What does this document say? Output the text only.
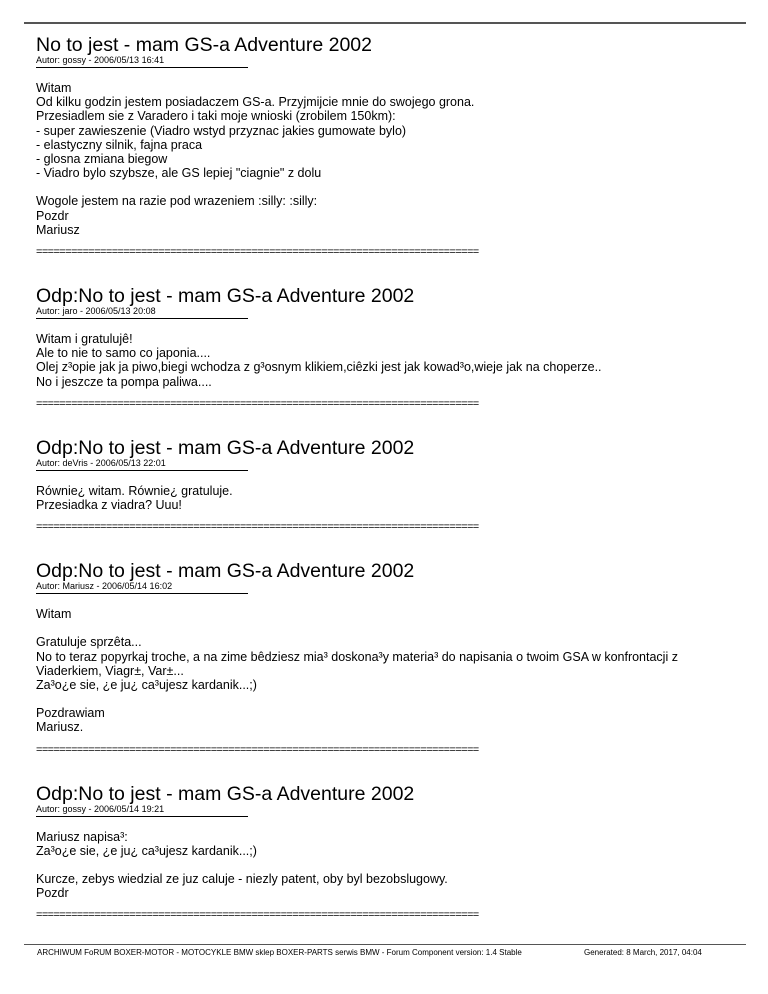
No to jest - mam GS-a Adventure 2002
Autor: gossy - 2006/05/13 16:41

Witam
Od kilku godzin jestem posiadaczem GS-a. Przyjmijcie mnie do swojego grona.
Przesiadlem sie z Varadero i taki moje wnioski (zrobilem 150km):
- super zawieszenie (Viadro wstyd przyznac jakies gumowate bylo)
- elastyczny silnik, fajna praca
- glosna zmiana biegow
- Viadro bylo szybsze, ale GS lepiej "ciagnie" z dolu

Wogole jestem na razie pod wrazeniem :silly: :silly:
Pozdr
Mariusz

============================================================================
Odp:No to jest - mam GS-a Adventure 2002
Autor: jaro - 2006/05/13 20:08

Witam i gratulujê!
Ale to nie to samo co japonia....
Olej z³opie jak ja piwo,biegi wchodza z g³osnym klikiem,ciêzki jest jak kowad³o,wieje jak na choperze..
No i jeszcze ta pompa paliwa....

============================================================================
Odp:No to jest - mam GS-a Adventure 2002
Autor: deVris - 2006/05/13 22:01

Równie¿ witam. Równie¿ gratuluje.
Przesiadka z viadra? Uuu!

============================================================================
Odp:No to jest - mam GS-a Adventure 2002
Autor: Mariusz - 2006/05/14 16:02

Witam

Gratuluje sprzêta...
No to teraz popyrkaj troche, a na zime bêdziesz mia³ doskona³y materia³ do napisania o twoim GSA w konfrontacji z Viaderkiem, Viagr±, Var±...
Za³o¿e sie, ¿e ju¿ ca³ujesz kardanik...;)

Pozdrawiam
Mariusz.

============================================================================
Odp:No to jest - mam GS-a Adventure 2002
Autor: gossy - 2006/05/14 19:21

Mariusz napisa³:
Za³o¿e sie, ¿e ju¿ ca³ujesz kardanik...;)

Kurcze, zebys wiedzial ze juz caluje - niezly patent, oby byl bezobslugowy.
Pozdr

============================================================================
ARCHIWUM FoRUM BOXER-MOTOR - MOTOCYKLE BMW sklep BOXER-PARTS serwis BMW - Forum Component version: 1.4 Stable	Generated: 8 March, 2017, 04:04
